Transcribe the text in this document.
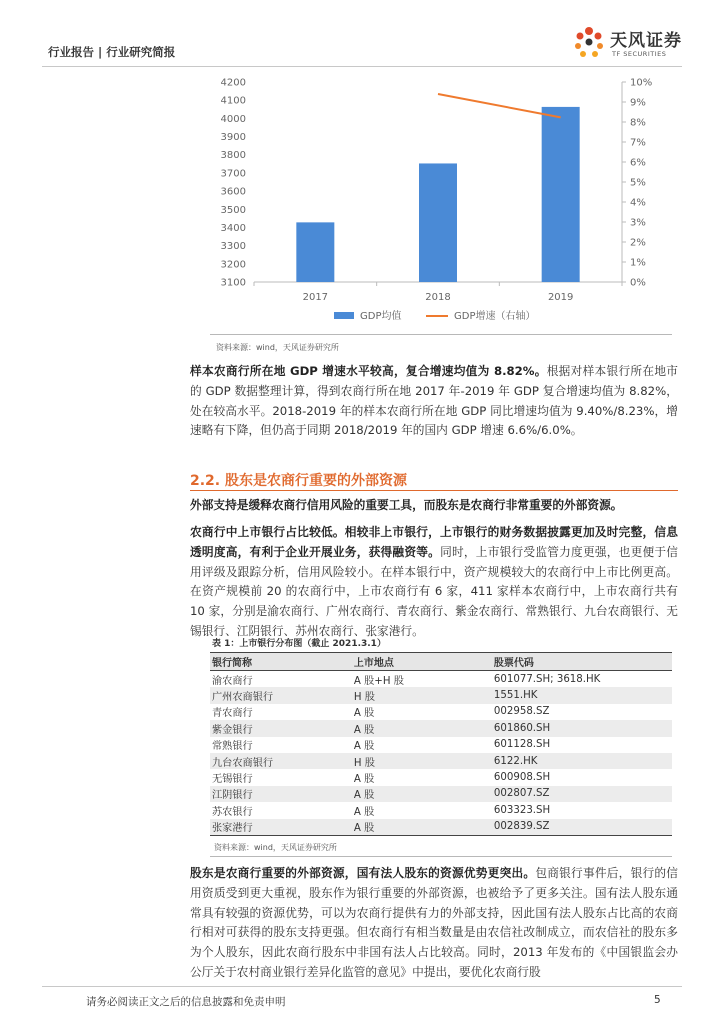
行业报告 | 行业研究简报
天风证券
TF SECURITIES
3100
3200
3300
3400
3500
3600
3700
3800
3900
4000
4100
4200
0%
1%
2%
3%
4%
5%
6%
7%
8%
9%
10%
2017	2018	2019
GDP均值	GDP增速（右轴）
资料来源：wind，天风证券研究所
样本农商行所在地 GDP 增速水平较高，复合增速均值为 8.82%。根据对样本银行所在地市的 GDP 数据整理计算，得到农商行所在地 2017 年-2019 年 GDP 复合增速均值为 8.82%，处在较高水平。2018-2019 年的样本农商行所在地 GDP 同比增速均值为 9.40%/8.23%，增速略有下降，但仍高于同期 2018/2019 年的国内 GDP 增速 6.6%/6.0%。
2.2. 股东是农商行重要的外部资源
外部支持是缓释农商行信用风险的重要工具，而股东是农商行非常重要的外部资源。
农商行中上市银行占比较低。相较非上市银行，上市银行的财务数据披露更加及时完整，信息透明度高，有利于企业开展业务，获得融资等。同时，上市银行受监管力度更强，也更便于信用评级及跟踪分析，信用风险较小。在样本银行中，资产规模较大的农商行中上市比例更高。在资产规模前 20 的农商行中，上市农商行有 6 家，411 家样本农商行中，上市农商行共有 10 家，分别是渝农商行、广州农商行、青农商行、紫金农商行、常熟银行、九台农商银行、无锡银行、江阴银行、苏州农商行、张家港行。
表 1：上市银行分布图（截止 2021.3.1）
银行简称	上市地点	股票代码
渝农商行	A 股+H 股	601077.SH; 3618.HK
广州农商银行	H 股	1551.HK
青农商行	A 股	002958.SZ
紫金银行	A 股	601860.SH
常熟银行	A 股	601128.SH
九台农商银行	H 股	6122.HK
无锡银行	A 股	600908.SH
江阴银行	A 股	002807.SZ
苏农银行	A 股	603323.SH
张家港行	A 股	002839.SZ
资料来源：wind，天风证券研究所
股东是农商行重要的外部资源，国有法人股东的资源优势更突出。包商银行事件后，银行的信用资质受到更大重视，股东作为银行重要的外部资源，也被给予了更多关注。国有法人股东通常具有较强的资源优势，可以为农商行提供有力的外部支持，因此国有法人股东占比高的农商行相对可获得的股东支持更强。但农商行有相当数量是由农信社改制成立，而农信社的股东多为个人股东，因此农商行股东中非国有法人占比较高。同时，2013 年发布的《中国银监会办公厅关于农村商业银行差异化监管的意见》中提出，要优化农商行股
请务必阅读正文之后的信息披露和免责申明	5
